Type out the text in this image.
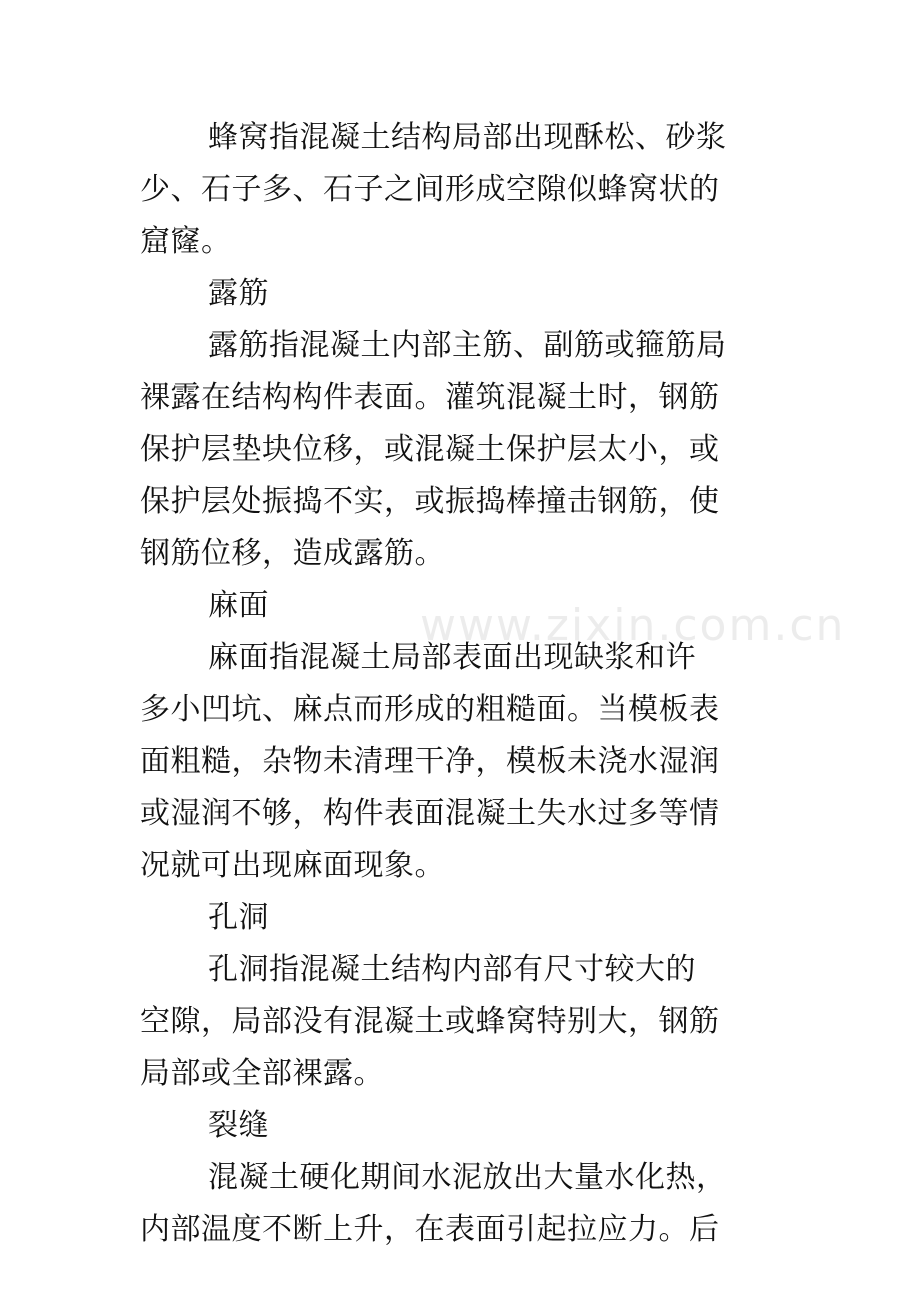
www.zixin.com.cn
蜂窝指混凝土结构局部出现酥松、砂浆
少、石子多、石子之间形成空隙似蜂窝状的
窟窿。
露筋
露筋指混凝土内部主筋、副筋或箍筋局
裸露在结构构件表面。灌筑混凝土时，钢筋
保护层垫块位移，或混凝土保护层太小，或
保护层处振捣不实，或振捣棒撞击钢筋，使
钢筋位移，造成露筋。
麻面
麻面指混凝土局部表面出现缺浆和许
多小凹坑、麻点而形成的粗糙面。当模板表
面粗糙，杂物未清理干净，模板未浇水湿润
或湿润不够，构件表面混凝土失水过多等情
况就可出现麻面现象。
孔洞
孔洞指混凝土结构内部有尺寸较大的
空隙，局部没有混凝土或蜂窝特别大，钢筋
局部或全部裸露。
裂缝
混凝土硬化期间水泥放出大量水化热，
内部温度不断上升，在表面引起拉应力。后
